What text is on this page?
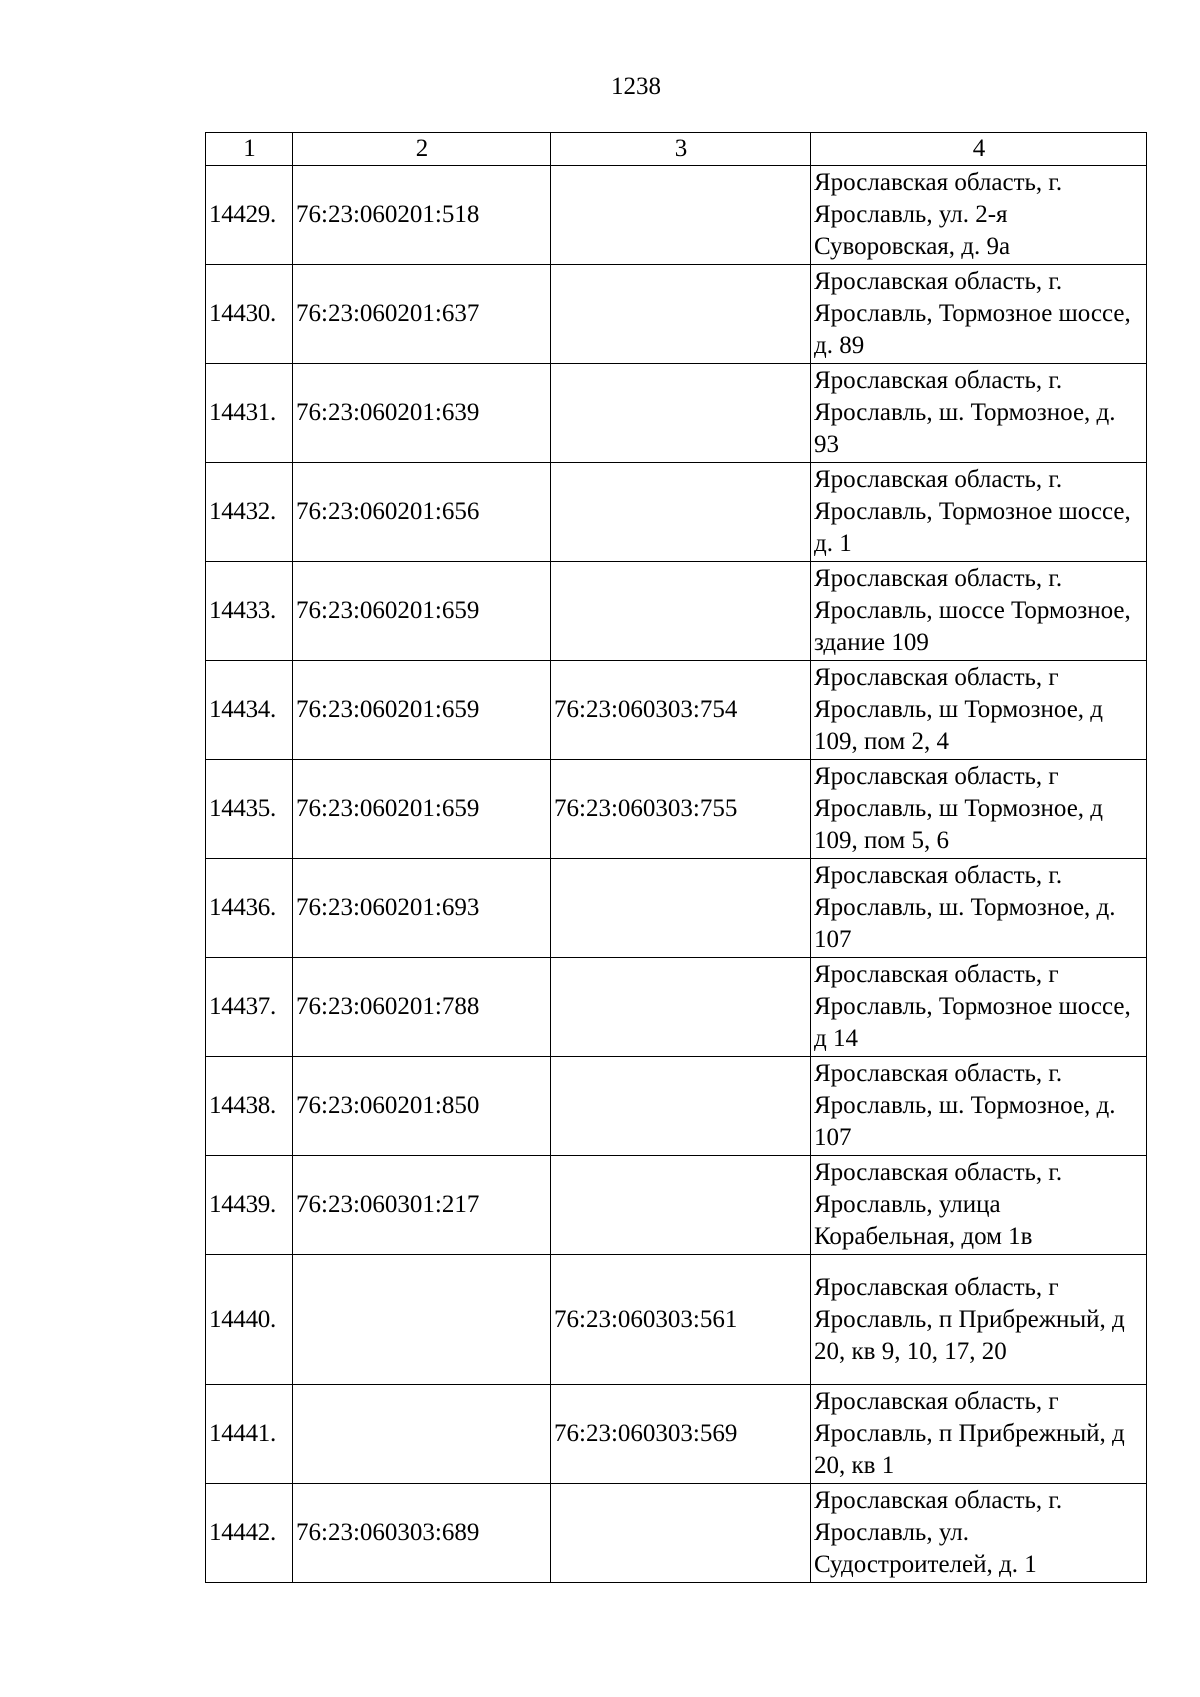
1238
1	2	3	4
14429.	76:23:060201:518		Ярославская область, г. Ярославль, ул. 2-я Суворовская, д. 9а
14430.	76:23:060201:637		Ярославская область, г. Ярославль, Тормозное шоссе, д. 89
14431.	76:23:060201:639		Ярославская область, г. Ярославль, ш. Тормозное, д. 93
14432.	76:23:060201:656		Ярославская область, г. Ярославль, Тормозное шоссе, д. 1
14433.	76:23:060201:659		Ярославская область, г. Ярославль, шоссе Тормозное, здание 109
14434.	76:23:060201:659	76:23:060303:754	Ярославская область, г Ярославль, ш Тормозное, д 109, пом 2, 4
14435.	76:23:060201:659	76:23:060303:755	Ярославская область, г Ярославль, ш Тормозное, д 109, пом 5, 6
14436.	76:23:060201:693		Ярославская область, г. Ярославль, ш. Тормозное, д. 107
14437.	76:23:060201:788		Ярославская область, г Ярославль, Тормозное шоссе, д 14
14438.	76:23:060201:850		Ярославская область, г. Ярославль, ш. Тормозное, д. 107
14439.	76:23:060301:217		Ярославская область, г. Ярославль, улица Корабельная, дом 1в
14440.		76:23:060303:561	Ярославская область, г Ярославль, п Прибрежный, д 20, кв 9, 10, 17, 20
14441.		76:23:060303:569	Ярославская область, г Ярославль, п Прибрежный, д 20, кв 1
14442.	76:23:060303:689		Ярославская область, г. Ярославль, ул. Судостроителей, д. 1
